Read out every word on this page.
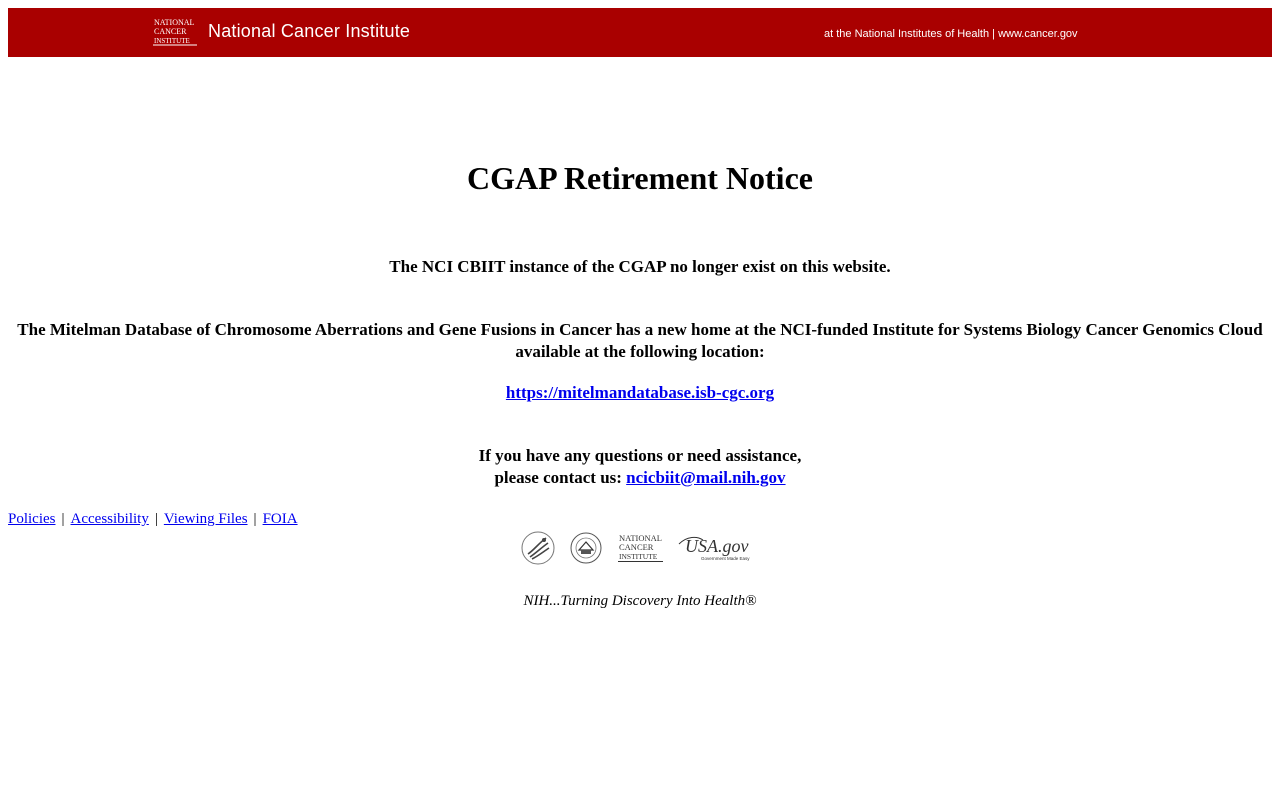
NATIONAL
CANCER
INSTITUTE National Cancer Institute	at the National Institutes of Health | www.cancer.gov
CGAP Retirement Notice

The NCI CBIIT instance of the CGAP no longer exist on this website.

The Mitelman Database of Chromosome Aberrations and Gene Fusions in Cancer has a new home at the NCI-funded Institute for Systems Biology Cancer Genomics Cloud available at the following location:

https://mitelmandatabase.isb-cgc.org

If you have any questions or need assistance,
please contact us: ncicbiit@mail.nih.gov

Policies | Accessibility | Viewing Files | FOIA
NATIONAL
CANCER
INSTITUTE
USA.gov
Government Made Easy
NIH...Turning Discovery Into Health®
